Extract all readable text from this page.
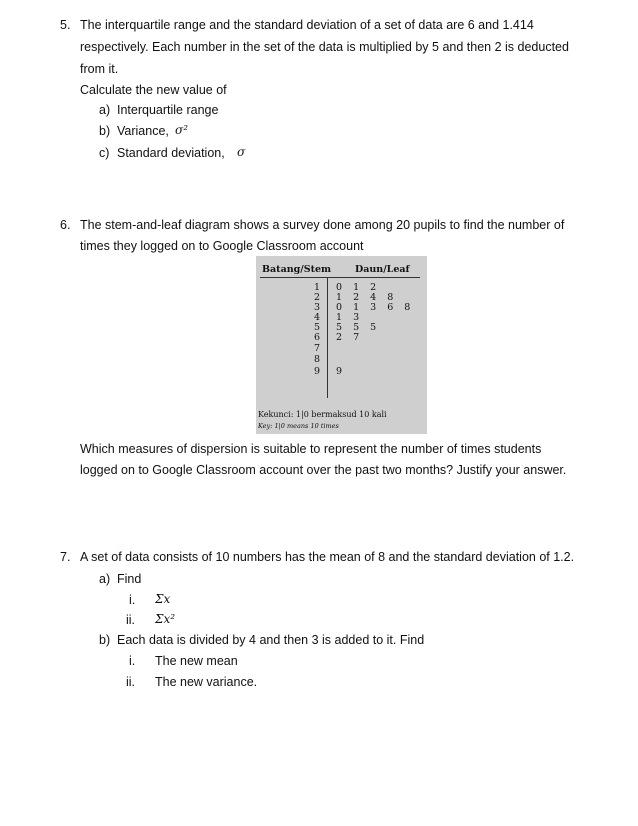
5. The interquartile range and the standard deviation of a set of data are 6 and 1.414
respectively. Each number in the set of the data is multiplied by 5 and then 2 is deducted
from it.
Calculate the new value of
a) Interquartile range
b) Variance, σ²
c) Standard deviation, σ
6. The stem-and-leaf diagram shows a survey done among 20 pupils to find the number of
times they logged on to Google Classroom account
Batang/Stem	Daun/Leaf
1 0 1 2
2 1 2 4 8
3 0 1 3 6 8
4 1 3
5 5 5 5
6 2 7
7
8
9 9
Kekunci: 1|0 bermaksud 10 kali
Key: 1|0 means 10 times
Which measures of dispersion is suitable to represent the number of times students
logged on to Google Classroom account over the past two months? Justify your answer.
7. A set of data consists of 10 numbers has the mean of 8 and the standard deviation of 1.2.
a) Find
i. Σx
ii. Σx²
b) Each data is divided by 4 and then 3 is added to it. Find
i. The new mean
ii. The new variance.
